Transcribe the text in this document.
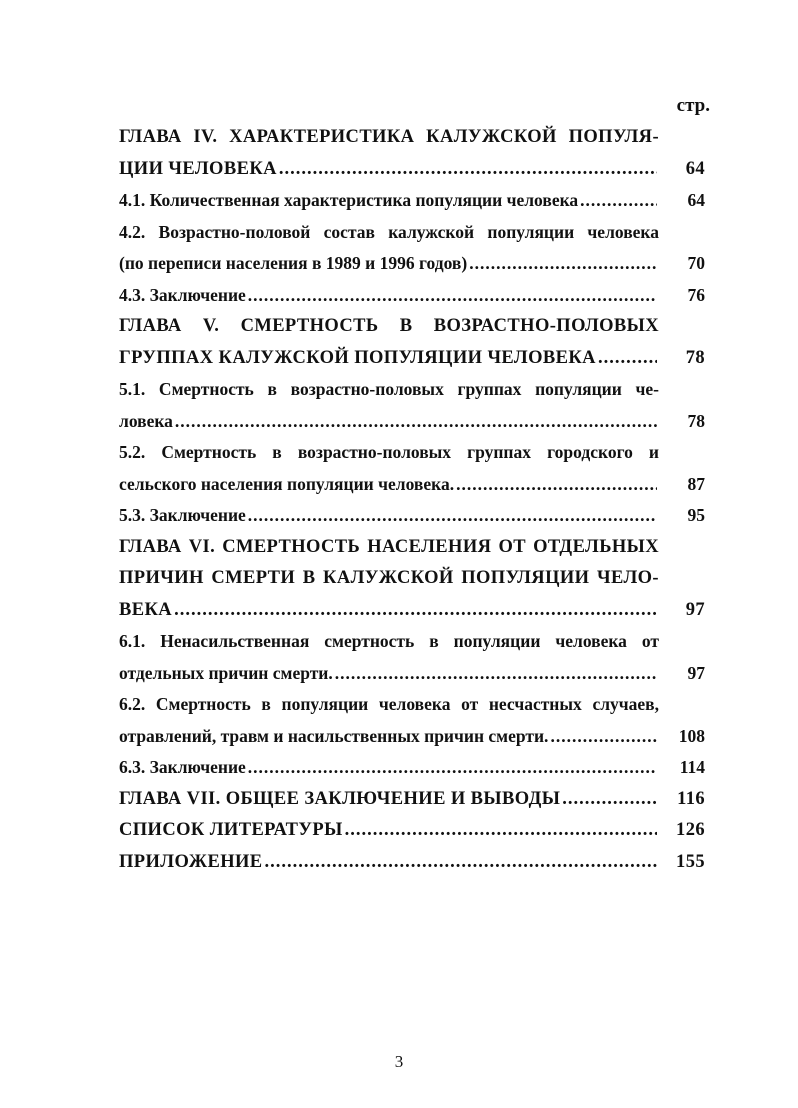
стр.
ГЛАВА IV. ХАРАКТЕРИСТИКА КАЛУЖСКОЙ ПОПУЛЯ-
ЦИИ ЧЕЛОВЕКА .....	64
4.1. Количественная характеристика популяции человека .....	64
4.2. Возрастно-половой состав калужской популяции человека
(по переписи населения в 1989 и 1996 годов) .....	70
4.3. Заключение .....	76
ГЛАВА V. СМЕРТНОСТЬ В ВОЗРАСТНО-ПОЛОВЫХ
ГРУППАХ КАЛУЖСКОЙ ПОПУЛЯЦИИ ЧЕЛОВЕКА .....	78
5.1. Смертность в возрастно-половых группах популяции че-
ловека .....	78
5.2. Смертность в возрастно-половых группах городского и
сельского населения популяции человека. .....	87
5.3. Заключение .....	95
ГЛАВА VI. СМЕРТНОСТЬ НАСЕЛЕНИЯ ОТ ОТДЕЛЬНЫХ
ПРИЧИН СМЕРТИ В КАЛУЖСКОЙ ПОПУЛЯЦИИ ЧЕЛО-
ВЕКА .....	97
6.1. Ненасильственная смертность в популяции человека от
отдельных причин смерти. .....	97
6.2. Смертность в популяции человека от несчастных случаев,
отравлений, травм и насильственных причин смерти. .....	108
6.3. Заключение .....	114
ГЛАВА VII. ОБЩЕЕ ЗАКЛЮЧЕНИЕ И ВЫВОДЫ .....	116
СПИСОК ЛИТЕРАТУРЫ .....	126
ПРИЛОЖЕНИЕ .....	155
3
